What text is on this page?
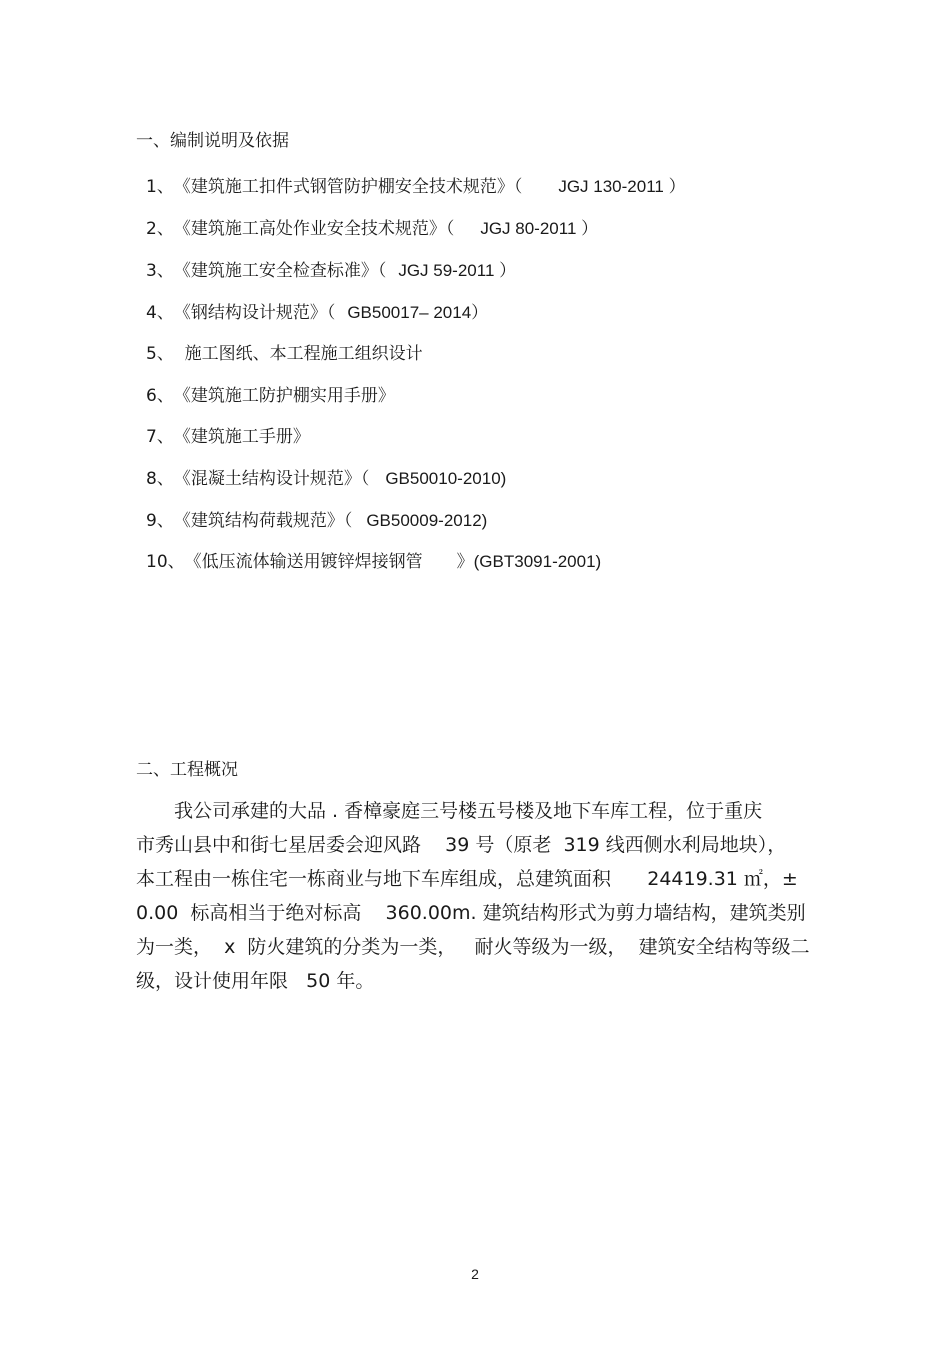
一、编制说明及依据
1、《建筑施工扣件式钢管防护棚安全技术规范》（ JGJ 130-2011 ）
2、《建筑施工高处作业安全技术规范》（ JGJ 80-2011 ）
3、《建筑施工安全检查标准》（ JGJ 59-2011 ）
4、《钢结构设计规范》（ GB50017– 2014）
5、  施工图纸、本工程施工组织设计
6、《建筑施工防护棚实用手册》
7、《建筑施工手册》
8、《混凝土结构设计规范》（ GB50010-2010)
9、《建筑结构荷载规范》（ GB50009-2012)
10、《低压流体输送用镀锌焊接钢管 》(GBT3091-2001)
二、工程概况
我公司承建的大品 . 香樟豪庭三号楼五号楼及地下车库工程，位于重庆
市秀山县中和街七星居委会迎风路    39 号（原老  319 线西侧水利局地块），
本工程由一栋住宅一栋商业与地下车库组成，总建筑面积      24419.31 ㎡，±
0.00  标高相当于绝对标高    360.00m. 建筑结构形式为剪力墙结构，建筑类别
为一类，  x  防火建筑的分类为一类，   耐火等级为一级，  建筑安全结构等级二
级，设计使用年限   50 年。
2
